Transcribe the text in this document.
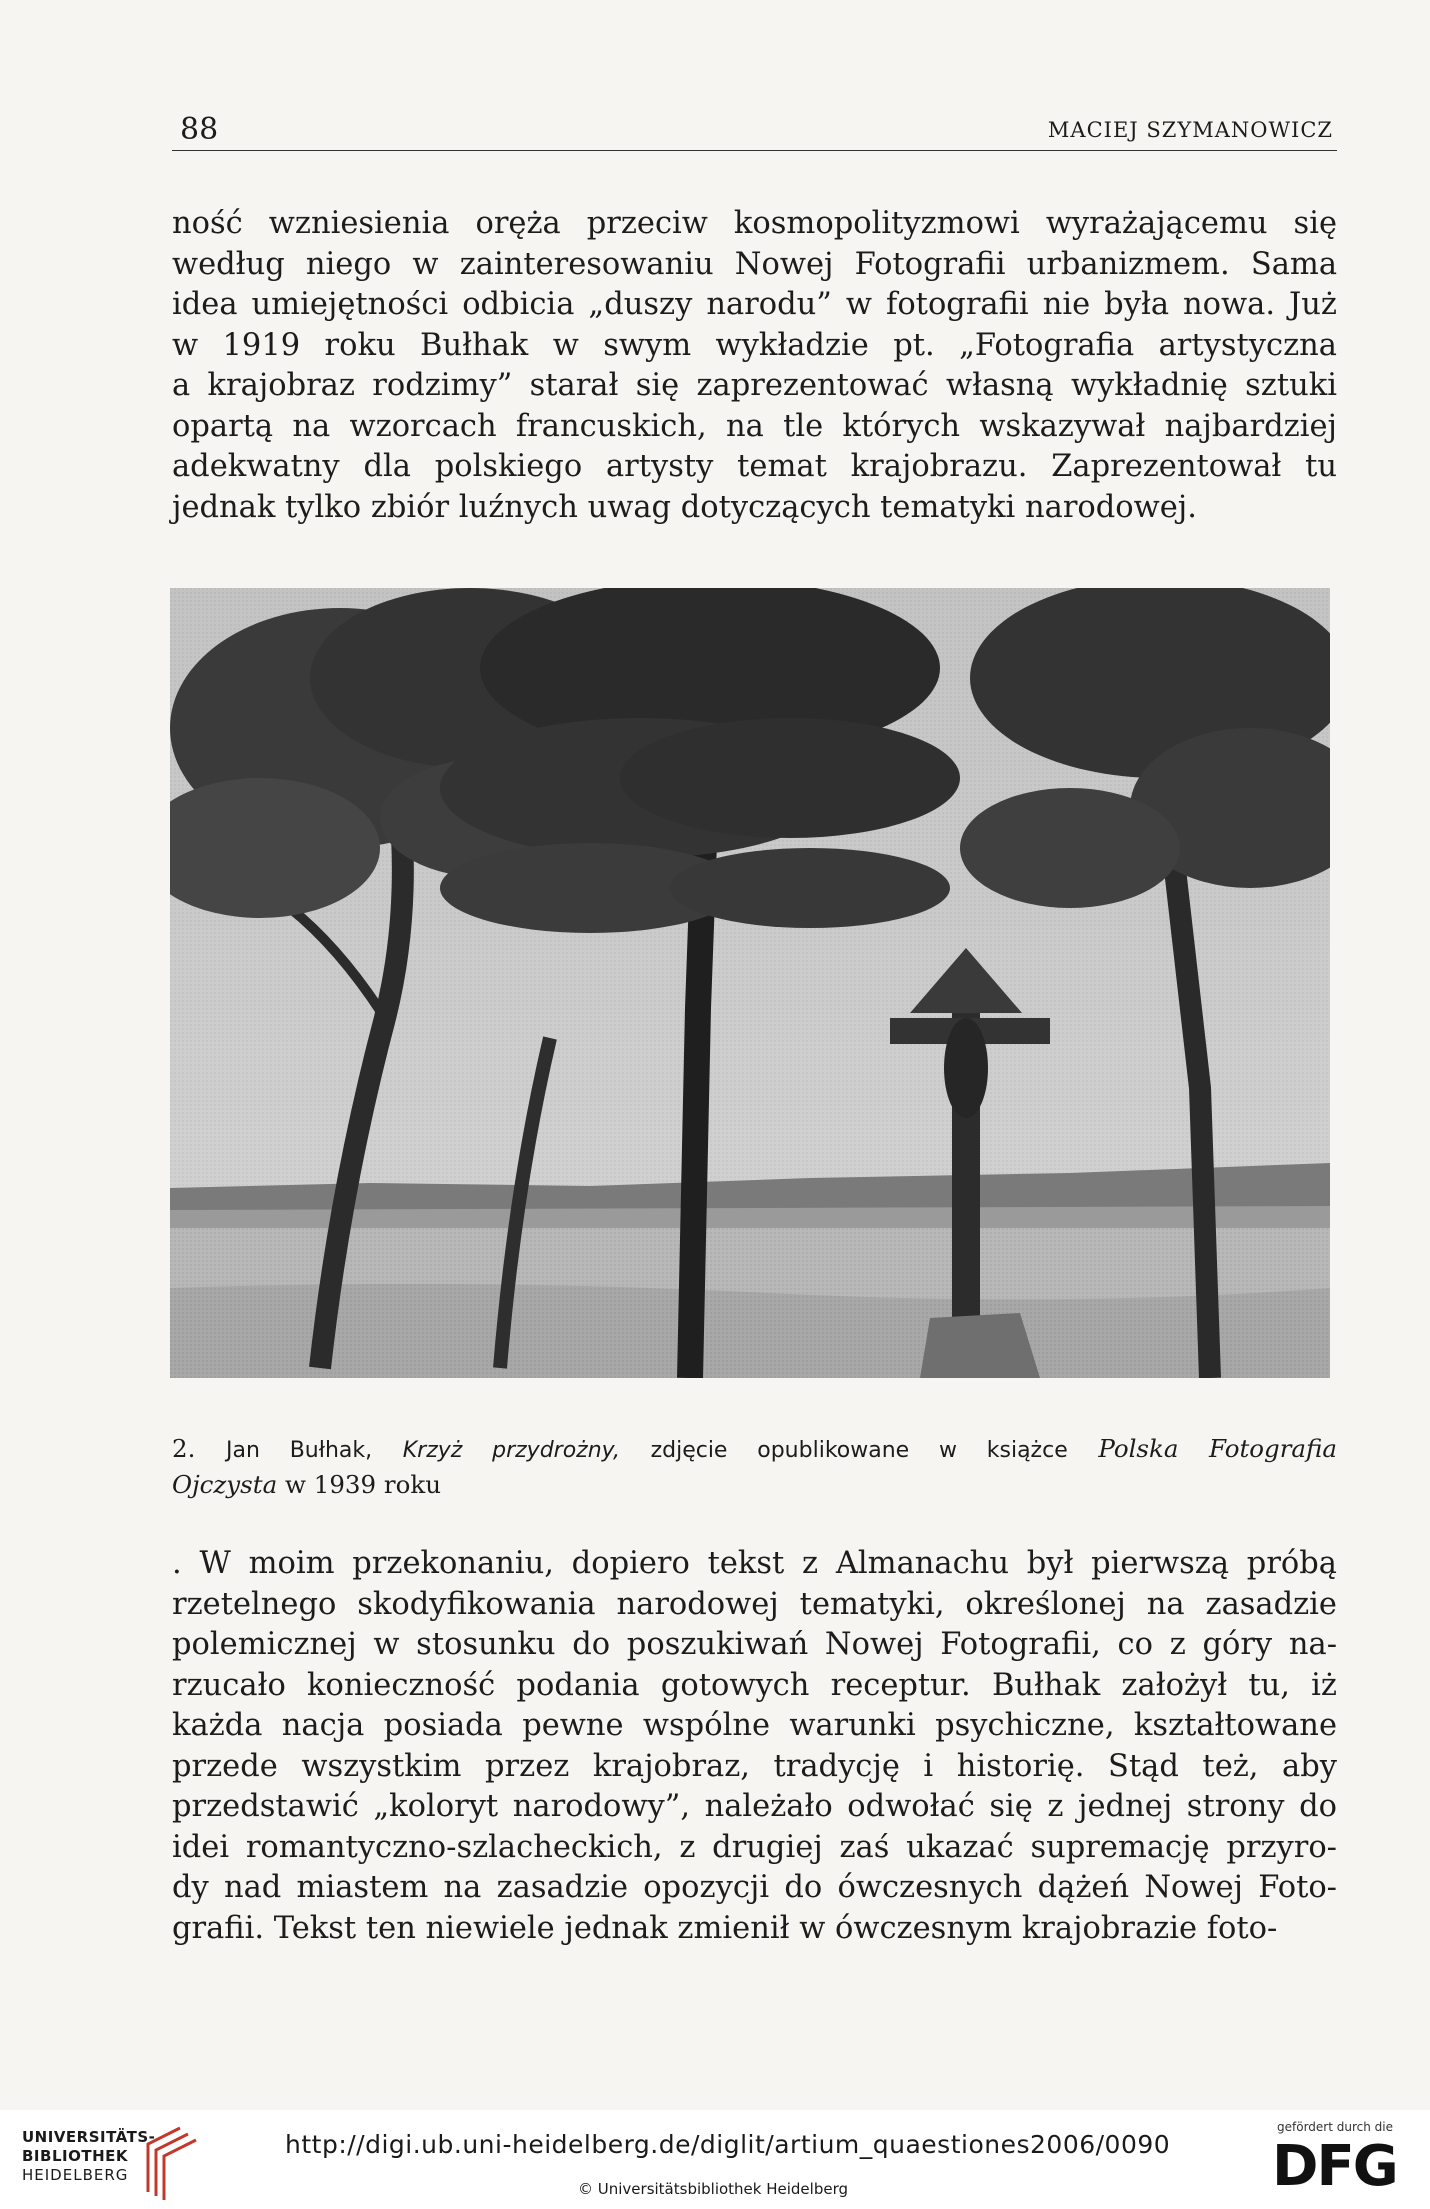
88	MACIEJ SZYMANOWICZ

ność wzniesienia oręża przeciw kosmopolityzmowi wyrażającemu się
według niego w zainteresowaniu Nowej Fotografii urbanizmem. Sama
idea umiejętności odbicia „duszy narodu” w fotografii nie była nowa. Już
w 1919 roku Bułhak w swym wykładzie pt. „Fotografia artystyczna
a krajobraz rodzimy” starał się zaprezentować własną wykładnię sztuki
opartą na wzorcach francuskich, na tle których wskazywał najbardziej
adekwatny dla polskiego artysty temat krajobrazu. Zaprezentował tu
jednak tylko zbiór luźnych uwag dotyczących tematyki narodowej.

2. Jan Bułhak, Krzyż przydrożny, zdjęcie opublikowane w książce Polska Fotografia
Ojczysta w 1939 roku

. W moim przekonaniu, dopiero tekst z Almanachu był pierwszą próbą
rzetelnego skodyfikowania narodowej tematyki, określonej na zasadzie
polemicznej w stosunku do poszukiwań Nowej Fotografii, co z góry na-
rzucało konieczność podania gotowych receptur. Bułhak założył tu, iż
każda nacja posiada pewne wspólne warunki psychiczne, kształtowane
przede wszystkim przez krajobraz, tradycję i historię. Stąd też, aby
przedstawić „koloryt narodowy”, należało odwołać się z jednej strony do
idei romantyczno-szlacheckich, z drugiej zaś ukazać supremację przyro-
dy nad miastem na zasadzie opozycji do ówczesnych dążeń Nowej Foto-
grafii. Tekst ten niewiele jednak zmienił w ówczesnym krajobrazie foto-

UNIVERSITÄTS-
BIBLIOTHEK
HEIDELBERG
http://digi.ub.uni-heidelberg.de/diglit/artium_quaestiones2006/0090
© Universitätsbibliothek Heidelberg
gefördert durch die
DFG
